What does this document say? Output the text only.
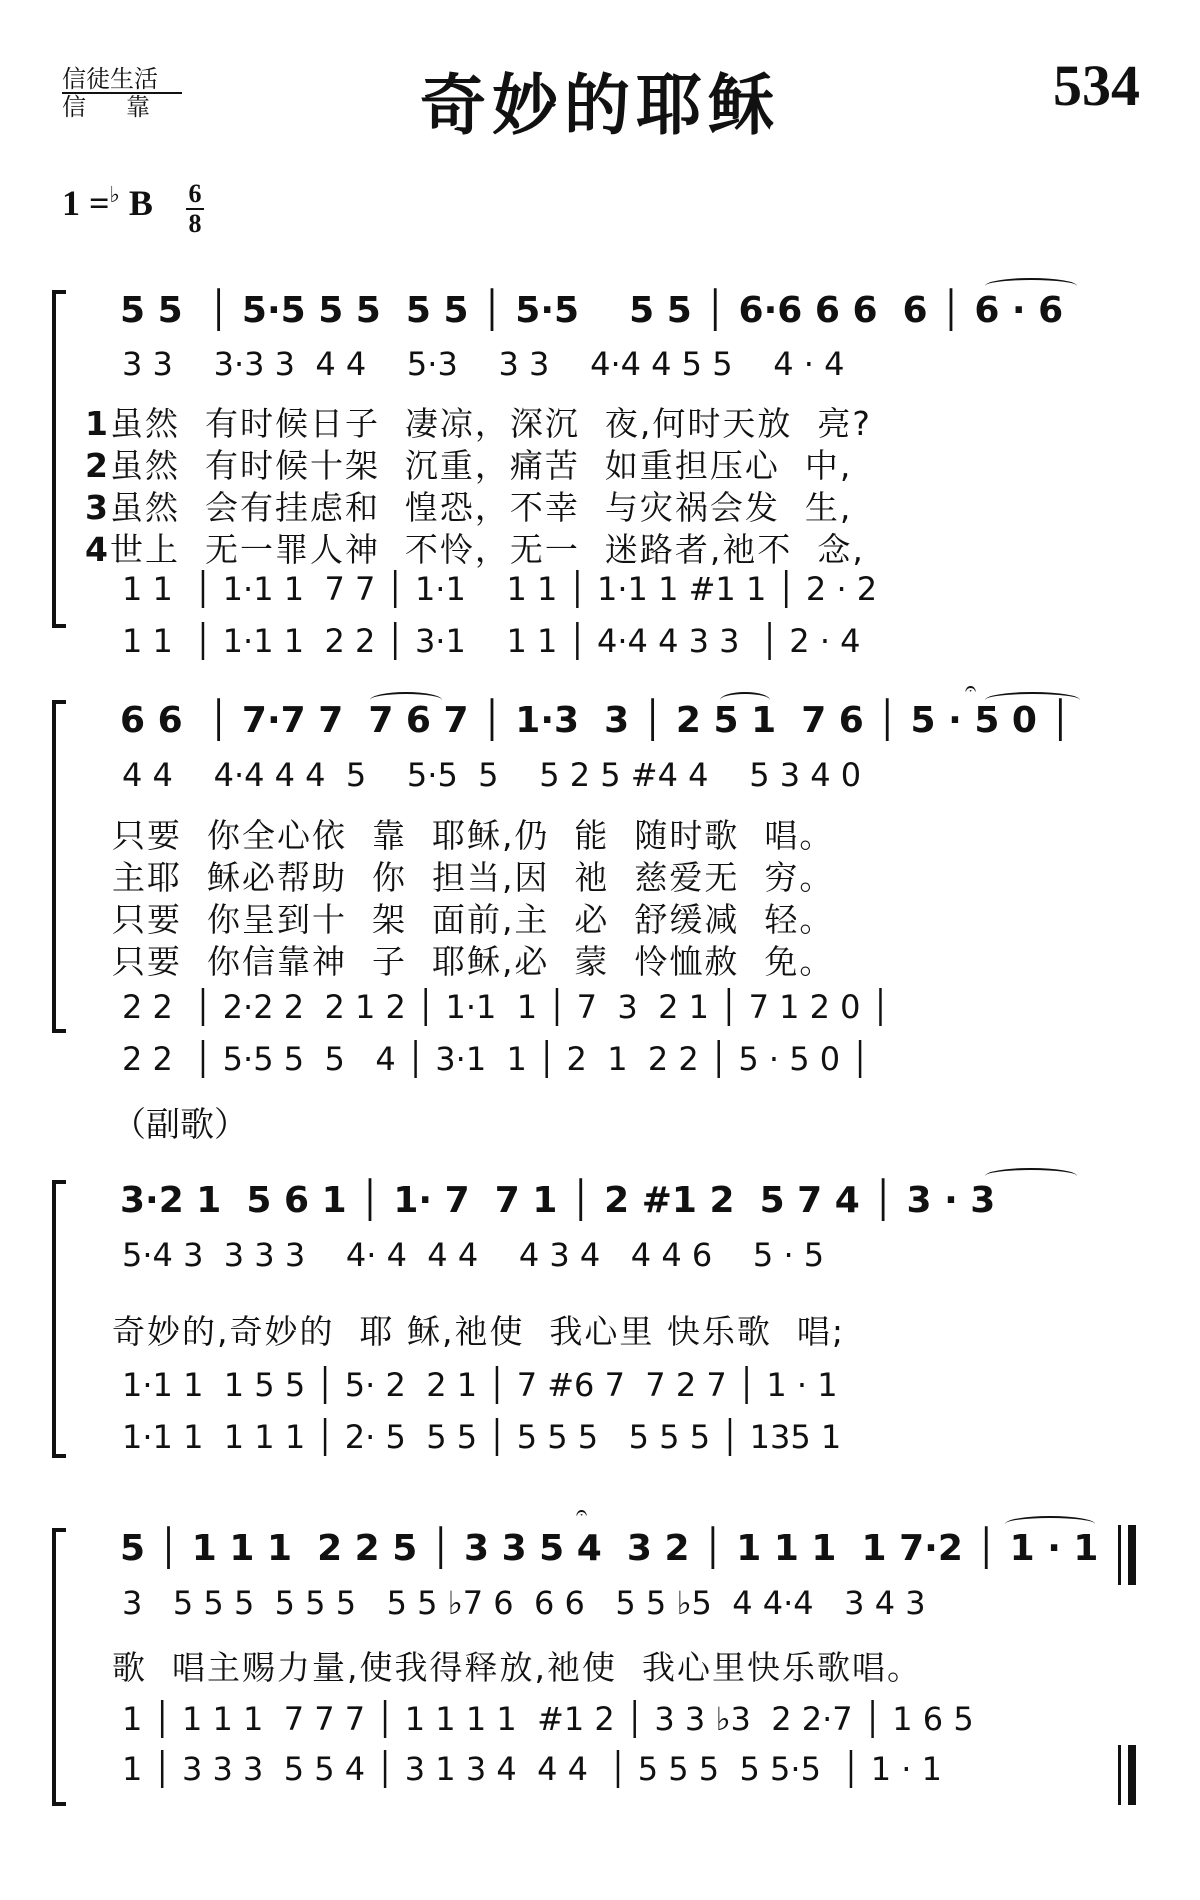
信徒生活
信靠	奇妙的耶稣	534
1 =♭ B 6
8
5 5  │ 5·5 5 5  5 5 │ 5·5    5 5 │ 6·6 6 6  6 │ 6 · 6
3 3    3·3 3  4 4    5·3    3 3    4·4 4 5 5    4 · 4
1虽然  有时候日子  凄凉，深沉  夜,何时天放  亮?
2虽然  有时候十架  沉重，痛苦  如重担压心  中,
3虽然  会有挂虑和  惶恐，不幸  与灾祸会发  生,
4世上  无一罪人神  不怜，无一  迷路者,祂不  念,
1 1  │ 1·1 1  7 7 │ 1·1    1 1 │ 1·1 1 #1 1 │ 2 · 2
1 1  │ 1·1 1  2 2 │ 3·1    1 1 │ 4·4 4 3 3  │ 2 · 4
6 6  │ 7·7 7  7 6 7 │ 1·3  3 │ 2 5 1  7 6 │ 5 · 5 0 │
𝄐
4 4    4·4 4 4  5    5·5  5    5 2 5 #4 4    5 3 4 0
只要  你全心依  靠  耶稣,仍  能  随时歌  唱。
主耶  稣必帮助  你  担当,因  祂  慈爱无  穷。
只要  你呈到十  架  面前,主  必  舒缓减  轻。
只要  你信靠神  子  耶稣,必  蒙  怜恤赦  免。
2 2  │ 2·2 2  2 1 2 │ 1·1  1 │ 7  3  2 1 │ 7 1 2 0 │
2 2  │ 5·5 5  5   4 │ 3·1  1 │ 2  1  2 2 │ 5 · 5 0 │
（副歌）
3·2 1  5 6 1 │ 1· 7  7 1 │ 2 #1 2  5 7 4 │ 3 · 3
5·4 3  3 3 3    4· 4  4 4    4 3 4   4 4 6    5 · 5
奇妙的,奇妙的  耶 稣,祂使  我心里 快乐歌  唱;
1·1 1  1 5 5 │ 5· 2  2 1 │ 7 #6 7  7 2 7 │ 1 · 1
1·1 1  1 1 1 │ 2· 5  5 5 │ 5 5 5   5 5 5 │ 135 1
5 │ 1 1 1  2 2 5 │ 3 3 5 4  3 2 │ 1 1 1  1 7·2 │ 1 · 1
𝄐
3   5 5 5  5 5 5   5 5 ♭7 6  6 6   5 5 ♭5  4 4·4   3 4 3
歌  唱主赐力量,使我得释放,祂使  我心里快乐歌唱。
1 │ 1 1 1  7 7 7 │ 1 1 1 1  #1 2 │ 3 3 ♭3  2 2·7 │ 1 6 5
1 │ 3 3 3  5 5 4 │ 3 1 3 4  4 4  │ 5 5 5  5 5·5  │ 1 · 1
